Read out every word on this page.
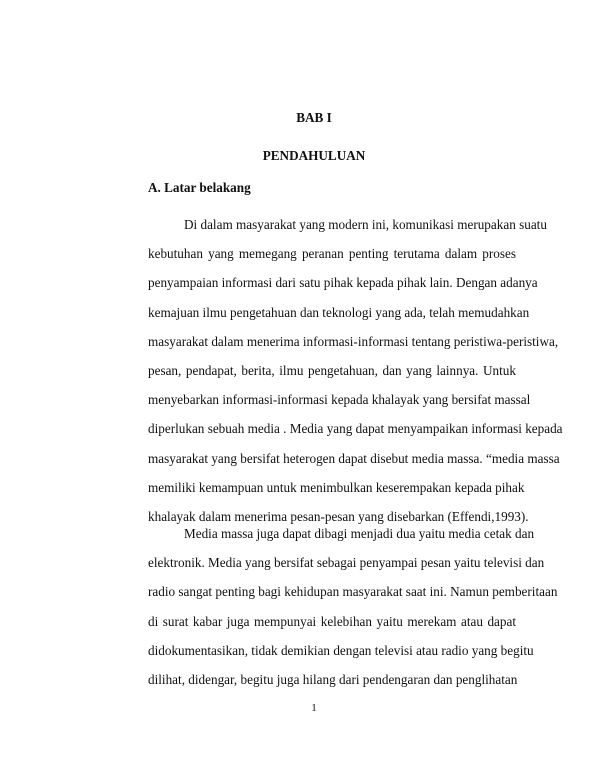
BAB I
PENDAHULUAN
A. Latar belakang
Di dalam masyarakat yang modern ini, komunikasi merupakan suatu
kebutuhan yang memegang peranan penting terutama dalam proses
penyampaian informasi dari satu pihak kepada pihak lain. Dengan adanya
kemajuan ilmu pengetahuan dan teknologi yang ada, telah memudahkan
masyarakat dalam menerima informasi-informasi tentang peristiwa-peristiwa,
pesan, pendapat, berita, ilmu pengetahuan, dan yang lainnya. Untuk
menyebarkan informasi-informasi kepada khalayak yang bersifat massal
diperlukan sebuah media . Media yang dapat menyampaikan informasi kepada
masyarakat yang bersifat heterogen dapat disebut media massa. “media massa
memiliki kemampuan untuk menimbulkan keserempakan kepada pihak
khalayak dalam menerima pesan-pesan yang disebarkan (Effendi,1993).
Media massa juga dapat dibagi menjadi dua yaitu media cetak dan
elektronik. Media yang bersifat sebagai penyampai pesan yaitu televisi dan
radio sangat penting bagi kehidupan masyarakat saat ini. Namun pemberitaan
di surat kabar juga mempunyai kelebihan yaitu merekam atau dapat
didokumentasikan, tidak demikian dengan televisi atau radio yang begitu
dilihat, didengar, begitu juga hilang dari pendengaran dan penglihatan
1
